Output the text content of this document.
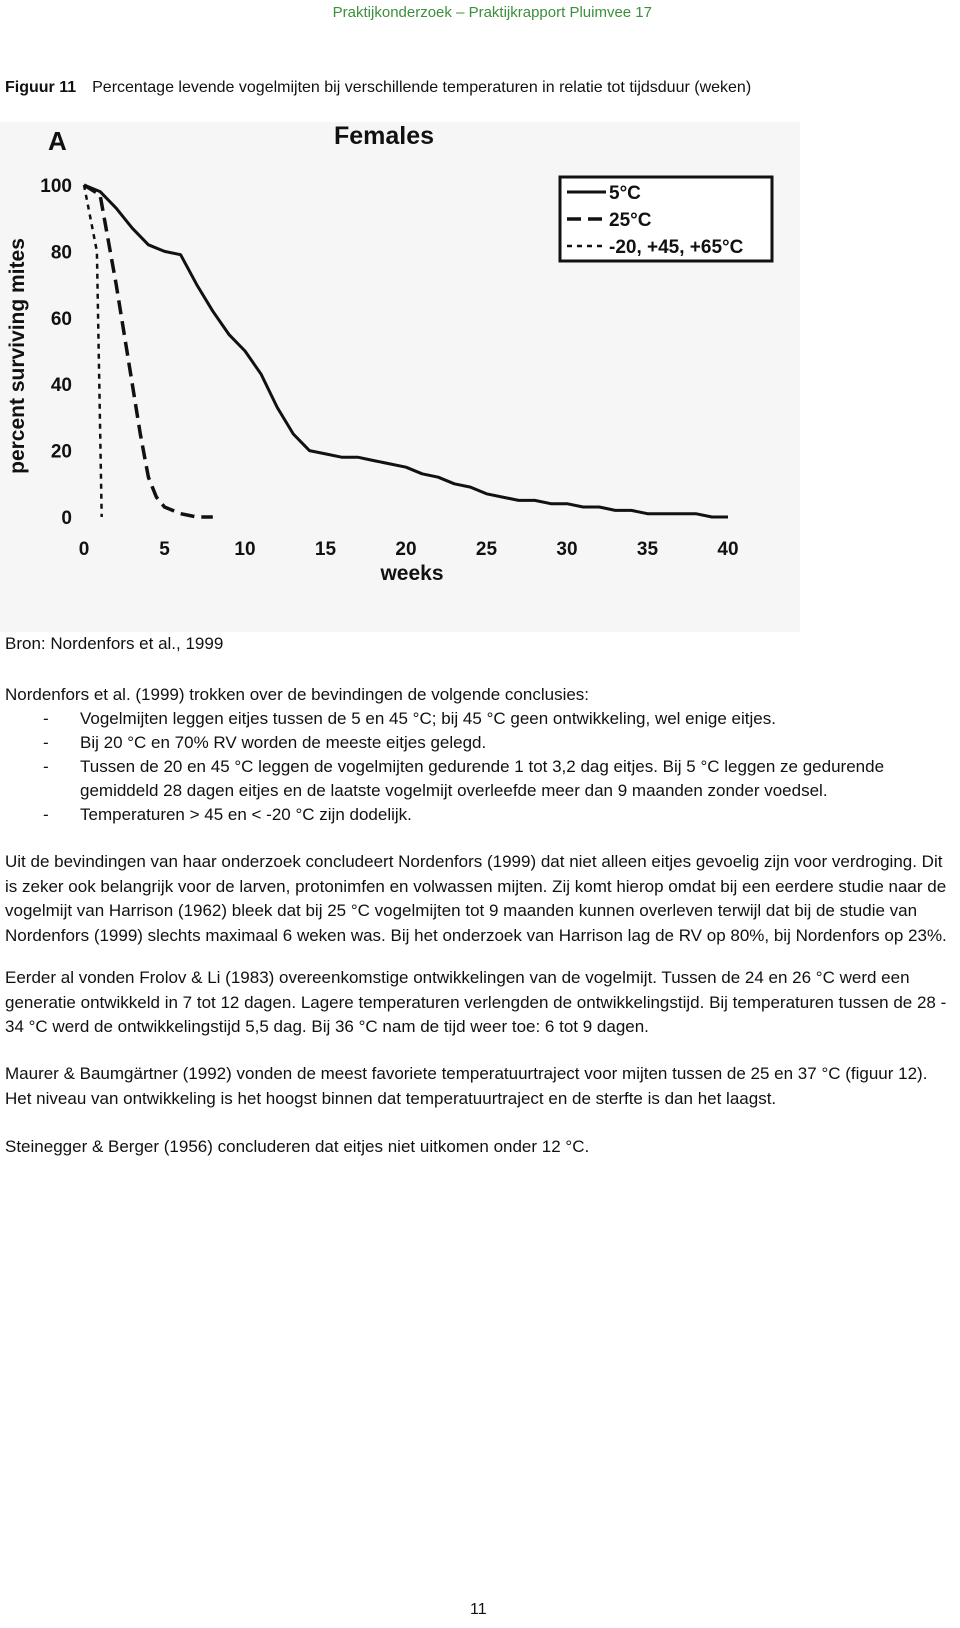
Praktijkonderzoek – Praktijkrapport Pluimvee 17
Figuur 11 Percentage levende vogelmijten bij verschillende temperaturen in relatie tot tijdsduur (weken)
A	Females
percent surviving mites
weeks
0
20
40
60
80
100
0	5	10	15	20	25	30	35	40
5°C
25°C
-20, +45, +65°C
Bron: Nordenfors et al., 1999
Nordenfors et al. (1999) trokken over de bevindingen de volgende conclusies:
- Vogelmijten leggen eitjes tussen de 5 en 45 °C; bij 45 °C geen ontwikkeling, wel enige eitjes.
- Bij 20 °C en 70% RV worden de meeste eitjes gelegd.
- Tussen de 20 en 45 °C leggen de vogelmijten gedurende 1 tot 3,2 dag eitjes. Bij 5 °C leggen ze gedurende gemiddeld 28 dagen eitjes en de laatste vogelmijt overleefde meer dan 9 maanden zonder voedsel.
- Temperaturen > 45 en < -20 °C zijn dodelijk.

Uit de bevindingen van haar onderzoek concludeert Nordenfors (1999) dat niet alleen eitjes gevoelig zijn voor verdroging. Dit is zeker ook belangrijk voor de larven, protonimfen en volwassen mijten. Zij komt hierop omdat bij een eerdere studie naar de vogelmijt van Harrison (1962) bleek dat bij 25 °C vogelmijten tot 9 maanden kunnen overleven terwijl dat bij de studie van Nordenfors (1999) slechts maximaal 6 weken was. Bij het onderzoek van Harrison lag de RV op 80%, bij Nordenfors op 23%.

Eerder al vonden Frolov & Li (1983) overeenkomstige ontwikkelingen van de vogelmijt. Tussen de 24 en 26 °C werd een generatie ontwikkeld in 7 tot 12 dagen. Lagere temperaturen verlengden de ontwikkelingstijd. Bij temperaturen tussen de 28 - 34 °C werd de ontwikkelingstijd 5,5 dag. Bij 36 °C nam de tijd weer toe: 6 tot 9 dagen.

Maurer & Baumgärtner (1992) vonden de meest favoriete temperatuurtraject voor mijten tussen de 25 en 37 °C (figuur 12). Het niveau van ontwikkeling is het hoogst binnen dat temperatuurtraject en de sterfte is dan het laagst.

Steinegger & Berger (1956) concluderen dat eitjes niet uitkomen onder 12 °C.

11
